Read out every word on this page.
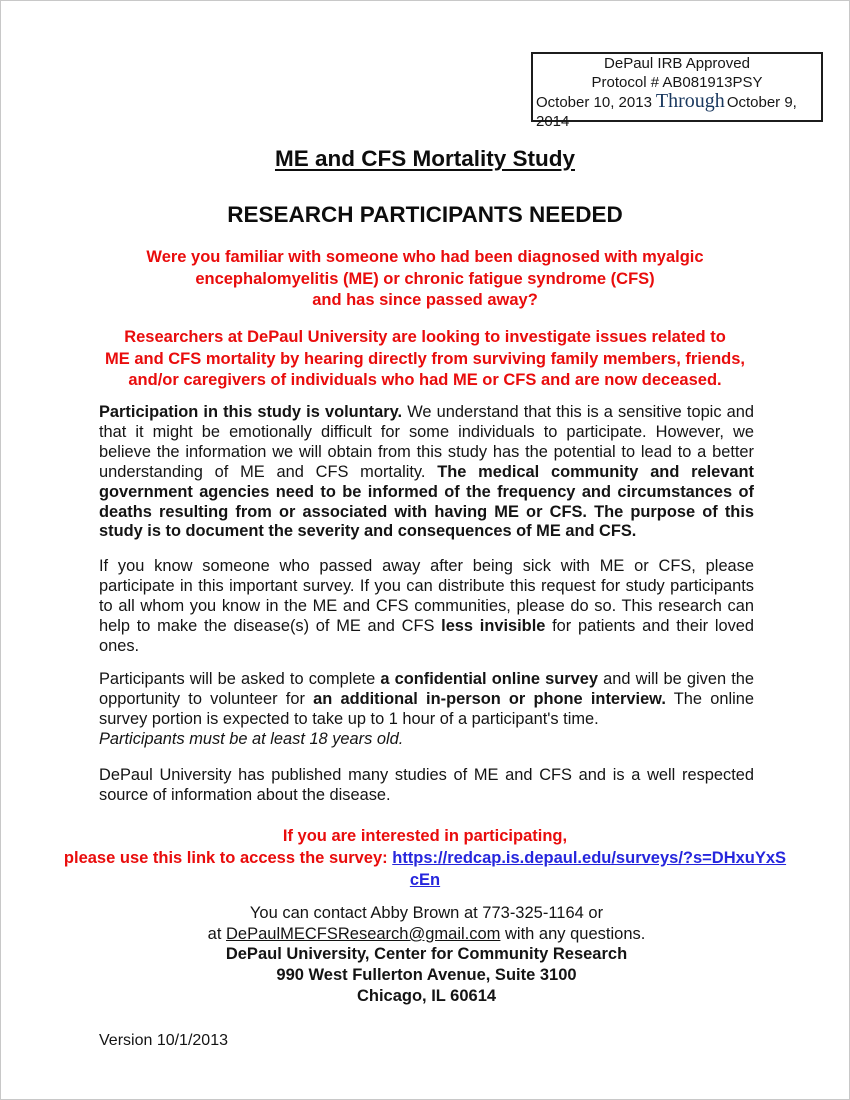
DePaul IRB Approved
Protocol # AB081913PSY
October 10, 2013 Through October 9,
2014
ME and CFS Mortality Study
RESEARCH PARTICIPANTS NEEDED
Were you familiar with someone who had been diagnosed with myalgic
encephalomyelitis (ME) or chronic fatigue syndrome (CFS)
and has since passed away?
Researchers at DePaul University are looking to investigate issues related to
ME and CFS mortality by hearing directly from surviving family members, friends,
and/or caregivers of individuals who had ME or CFS and are now deceased.
Participation in this study is voluntary. We understand that this is a sensitive topic and that it might be emotionally difficult for some individuals to participate. However, we believe the information we will obtain from this study has the potential to lead to a better understanding of ME and CFS mortality. The medical community and relevant government agencies need to be informed of the frequency and circumstances of deaths resulting from or associated with having ME or CFS. The purpose of this study is to document the severity and consequences of ME and CFS.
If you know someone who passed away after being sick with ME or CFS, please participate in this important survey. If you can distribute this request for study participants to all whom you know in the ME and CFS communities, please do so. This research can help to make the disease(s) of ME and CFS less invisible for patients and their loved ones.
Participants will be asked to complete a confidential online survey and will be given the opportunity to volunteer for an additional in-person or phone interview. The online survey portion is expected to take up to 1 hour of a participant's time.
Participants must be at least 18 years old.
DePaul University has published many studies of ME and CFS and is a well respected source of information about the disease.
If you are interested in participating,
please use this link to access the survey: https://redcap.is.depaul.edu/surveys/?s=DHxuYxScEn
You can contact Abby Brown at 773-325-1164 or
at DePaulMECFSResearch@gmail.com with any questions.
DePaul University, Center for Community Research
990 West Fullerton Avenue, Suite 3100
Chicago, IL 60614
Version 10/1/2013
